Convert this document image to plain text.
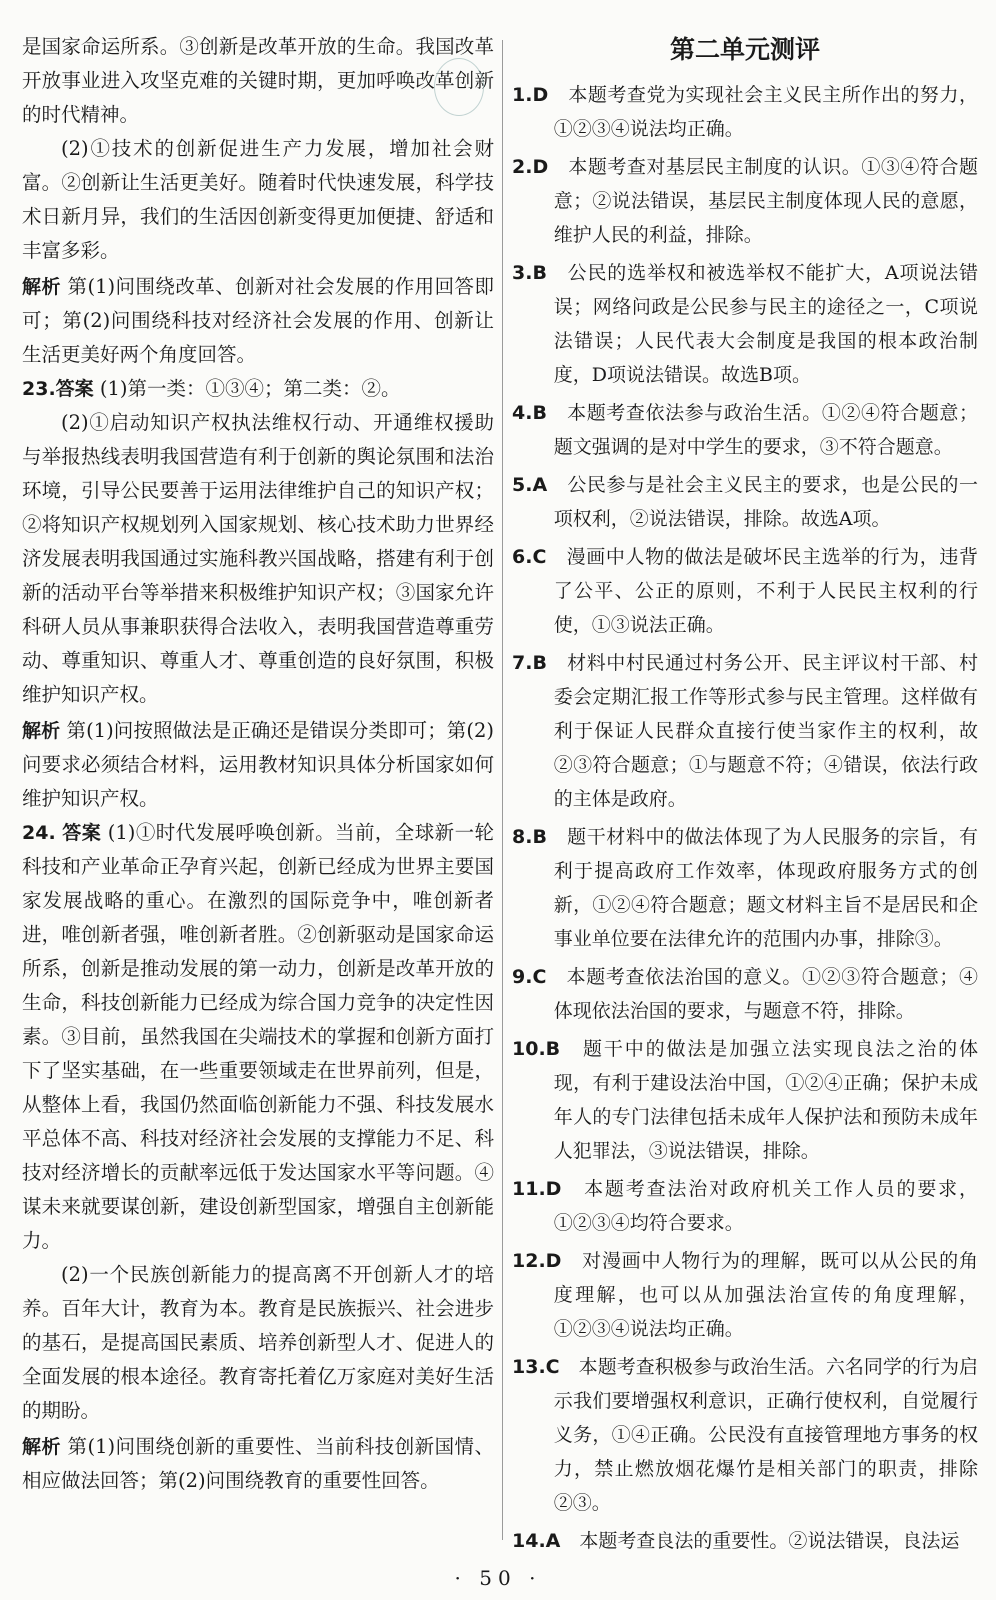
是国家命运所系。③创新是改革开放的生命。我国改革开放事业进入攻坚克难的关键时期，更加呼唤改革创新的时代精神。

(2)①技术的创新促进生产力发展，增加社会财富。②创新让生活更美好。随着时代快速发展，科学技术日新月异，我们的生活因创新变得更加便捷、舒适和丰富多彩。

解析 第(1)问围绕改革、创新对社会发展的作用回答即可；第(2)问围绕科技对经济社会发展的作用、创新让生活更美好两个角度回答。

23. 答案 (1)第一类：①③④；第二类：②。

(2)①启动知识产权执法维权行动、开通维权援助与举报热线表明我国营造有利于创新的舆论氛围和法治环境，引导公民要善于运用法律维护自己的知识产权；②将知识产权规划列入国家规划、核心技术助力世界经济发展表明我国通过实施科教兴国战略，搭建有利于创新的活动平台等举措来积极维护知识产权；③国家允许科研人员从事兼职获得合法收入，表明我国营造尊重劳动、尊重知识、尊重人才、尊重创造的良好氛围，积极维护知识产权。

解析 第(1)问按照做法是正确还是错误分类即可；第(2)问要求必须结合材料，运用教材知识具体分析国家如何维护知识产权。

24. 答案 (1)①时代发展呼唤创新。当前，全球新一轮科技和产业革命正孕育兴起，创新已经成为世界主要国家发展战略的重心。在激烈的国际竞争中，唯创新者进，唯创新者强，唯创新者胜。②创新驱动是国家命运所系，创新是推动发展的第一动力，创新是改革开放的生命，科技创新能力已经成为综合国力竞争的决定性因素。③目前，虽然我国在尖端技术的掌握和创新方面打下了坚实基础，在一些重要领域走在世界前列，但是，从整体上看，我国仍然面临创新能力不强、科技发展水平总体不高、科技对经济社会发展的支撑能力不足、科技对经济增长的贡献率远低于发达国家水平等问题。④谋未来就要谋创新，建设创新型国家，增强自主创新能力。

(2)一个民族创新能力的提高离不开创新人才的培养。百年大计，教育为本。教育是民族振兴、社会进步的基石，是提高国民素质、培养创新型人才、促进人的全面发展的根本途径。教育寄托着亿万家庭对美好生活的期盼。

解析 第(1)问围绕创新的重要性、当前科技创新国情、相应做法回答；第(2)问围绕教育的重要性回答。

第二单元测评

1.D　 本题考查党为实现社会主义民主所作出的努力，①②③④说法均正确。

2.D　 本题考查对基层民主制度的认识。①③④符合题意；②说法错误，基层民主制度体现人民的意愿，维护人民的利益，排除。

3.B　 公民的选举权和被选举权不能扩大，A项说法错误；网络问政是公民参与民主的途径之一，C项说法错误；人民代表大会制度是我国的根本政治制度，D项说法错误。故选B项。

4.B　 本题考查依法参与政治生活。①②④符合题意；题文强调的是对中学生的要求，③不符合题意。

5.A　 公民参与是社会主义民主的要求，也是公民的一项权利，②说法错误，排除。故选A项。

6.C　 漫画中人物的做法是破坏民主选举的行为，违背了公平、公正的原则，不利于人民民主权利的行使，①③说法正确。

7.B　 材料中村民通过村务公开、民主评议村干部、村委会定期汇报工作等形式参与民主管理。这样做有利于保证人民群众直接行使当家作主的权利，故②③符合题意；①与题意不符；④错误，依法行政的主体是政府。

8.B　 题干材料中的做法体现了为人民服务的宗旨，有利于提高政府工作效率，体现政府服务方式的创新，①②④符合题意；题文材料主旨不是居民和企事业单位要在法律允许的范围内办事，排除③。

9.C　 本题考查依法治国的意义。①②③符合题意；④体现依法治国的要求，与题意不符，排除。

10.B　 题干中的做法是加强立法实现良法之治的体现，有利于建设法治中国，①②④正确；保护未成年人的专门法律包括未成年人保护法和预防未成年人犯罪法，③说法错误，排除。

11.D　 本题考查法治对政府机关工作人员的要求，①②③④均符合要求。

12.D　 对漫画中人物行为的理解，既可以从公民的角度理解，也可以从加强法治宣传的角度理解，①②③④说法均正确。

13.C　 本题考查积极参与政治生活。六名同学的行为启示我们要增强权利意识，正确行使权利，自觉履行义务，①④正确。公民没有直接管理地方事务的权力，禁止燃放烟花爆竹是相关部门的职责，排除②③。

14.A　 本题考查良法的重要性。②说法错误，良法运

· 50 ·
